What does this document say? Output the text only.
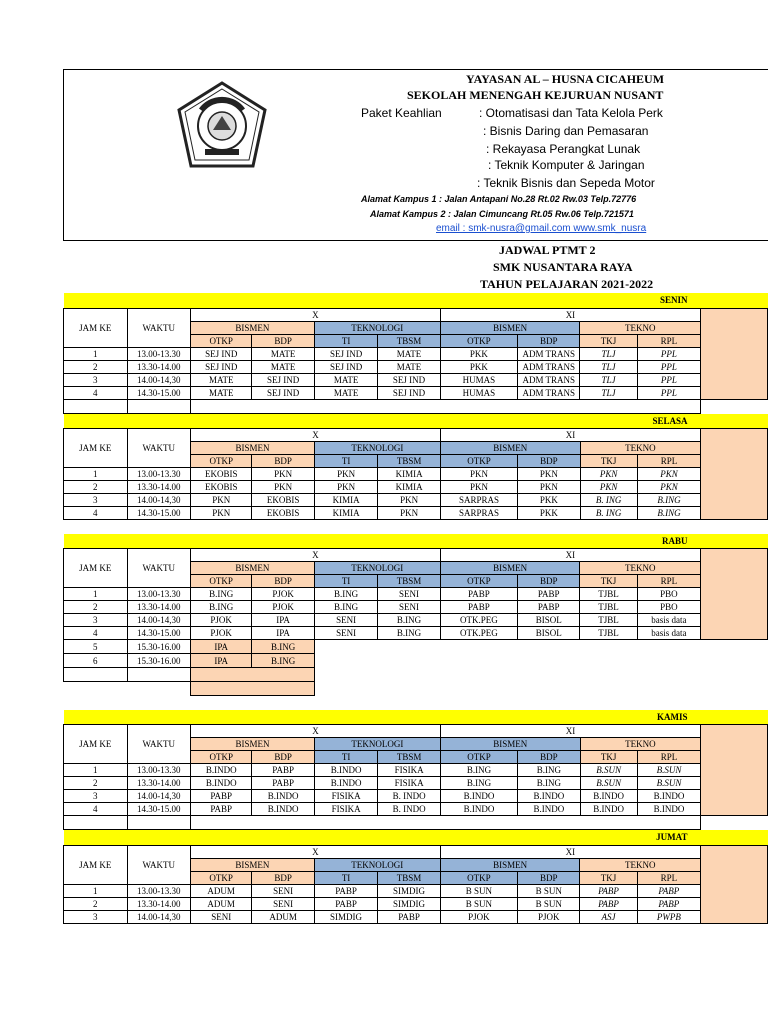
YAYASAN AL – HUSNA CICAHEUM
SEKOLAH MENENGAH KEJURUAN NUSANT
Paket Keahlian	: Otomatisasi dan Tata Kelola Perk
: Bisnis Daring dan Pemasaran
: Rekayasa Perangkat Lunak
: Teknik Komputer & Jaringan
: Teknik Bisnis dan Sepeda Motor
Alamat Kampus 1 : Jalan Antapani No.28 Rt.02 Rw.03 Telp.72776
Alamat Kampus 2 : Jalan Cimuncang Rt.05 Rw.06 Telp.721571
email : smk-nusra@gmail.com www.smk_nusra
JADWAL PTMT 2
SMK NUSANTARA RAYA
TAHUN PELAJARAN 2021-2022
SENIN										
JAM KE	WAKTU	X				XI				
		BISMEN		TEKNOLOGI		BISMEN		TEKNO		
		OTKP	BDP	TI	TBSM	OTKP	BDP	TKJ	RPL	
1	13.00-13.30	SEJ IND	MATE	SEJ IND	MATE	PKK	ADM TRANS	TLJ	PPL	
2	13.30-14.00	SEJ IND	MATE	SEJ IND	MATE	PKK	ADM TRANS	TLJ	PPL	
3	14.00-14,30	MATE	SEJ IND	MATE	SEJ IND	HUMAS	ADM TRANS	TLJ	PPL	
4	14.30-15.00	MATE	SEJ IND	MATE	SEJ IND	HUMAS	ADM TRANS	TLJ	PPL	

SELASA										
JAM KE	WAKTU	X				XI				
		BISMEN		TEKNOLOGI		BISMEN		TEKNO		
		OTKP	BDP	TI	TBSM	OTKP	BDP	TKJ	RPL	
1	13.00-13.30	EKOBIS	PKN	PKN	KIMIA	PKN	PKN	PKN	PKN	
2	13.30-14.00	EKOBIS	PKN	PKN	KIMIA	PKN	PKN	PKN	PKN	
3	14.00-14,30	PKN	EKOBIS	KIMIA	PKN	SARPRAS	PKK	B. ING	B.ING	
4	14.30-15.00	PKN	EKOBIS	KIMIA	PKN	SARPRAS	PKK	B. ING	B.ING	

RABU										
JAM KE	WAKTU	X				XI				
		BISMEN		TEKNOLOGI		BISMEN		TEKNO		
		OTKP	BDP	TI	TBSM	OTKP	BDP	TKJ	RPL	
1	13.00-13.30	B.ING	PJOK	B.ING	SENI	PABP	PABP	TJBL	PBO	
2	13.30-14.00	B.ING	PJOK	B.ING	SENI	PABP	PABP	TJBL	PBO	
3	14.00-14,30	PJOK	IPA	SENI	B.ING	OTK.PEG	BISOL	TJBL	basis data	
4	14.30-15.00	PJOK	IPA	SENI	B.ING	OTK.PEG	BISOL	TJBL	basis data	
5	15.30-16.00	IPA	B.ING							
6	15.30-16.00	IPA	B.ING							

KAMIS										
JAM KE	WAKTU	X				XI				
		BISMEN		TEKNOLOGI		BISMEN		TEKNO		
		OTKP	BDP	TI	TBSM	OTKP	BDP	TKJ	RPL	
1	13.00-13.30	B.INDO	PABP	B.INDO	FISIKA	B.ING	B.ING	B.SUN	B.SUN	
2	13.30-14.00	B.INDO	PABP	B.INDO	FISIKA	B.ING	B.ING	B.SUN	B.SUN	
3	14.00-14,30	PABP	B.INDO	FISIKA	B. INDO	B.INDO	B.INDO	B.INDO	B.INDO	
4	14.30-15.00	PABP	B.INDO	FISIKA	B. INDO	B.INDO	B.INDO	B.INDO	B.INDO	

JUMAT										
JAM KE	WAKTU	X				XI				
		BISMEN		TEKNOLOGI		BISMEN		TEKNO		
		OTKP	BDP	TI	TBSM	OTKP	BDP	TKJ	RPL	
1	13.00-13.30	ADUM	SENI	PABP	SIMDIG	B SUN	B SUN	PABP	PABP	
2	13.30-14.00	ADUM	SENI	PABP	SIMDIG	B SUN	B SUN	PABP	PABP	
3	14.00-14,30	SENI	ADUM	SIMDIG	PABP	PJOK	PJOK	ASJ	PWPB	
